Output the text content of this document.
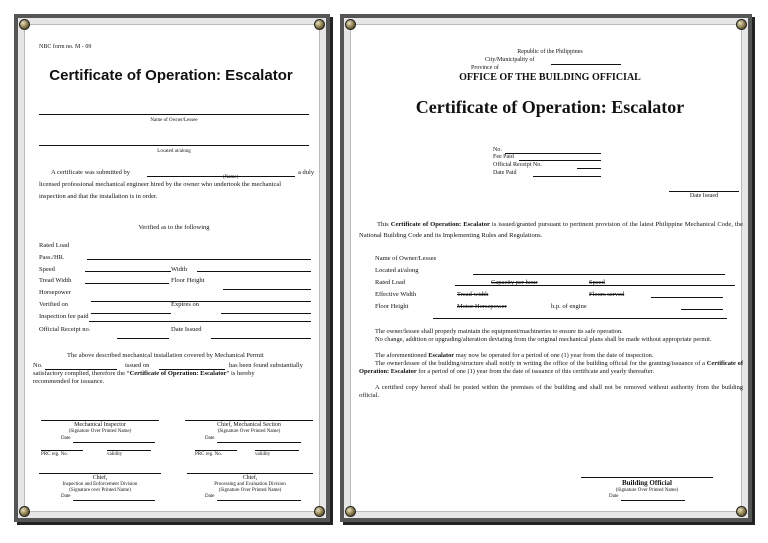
NBC form no. M - 09
Certificate of Operation: Escalator
Name of Owner/Lessee
Located at/along
A certificate was submitted by
(Name)
a duly
licensed professional mechanical engineer hired by the owner who undertook the mechanical
inspection and that the installation is in order.
Verified as to the following
Rated Load
Pass./HR.
Speed	Width
Tread Width	Floor Height
Horsepower
Verified on	Expires on
Inspection fee paid
Official Receipt no.	Date Issued
The above described mechanical installation covered by Mechanical Permit
No.	issued on	has been found substantially
satisfactory complied, therefore the “Certificate of Operation: Escalator” is hereby
recommended for issuance.
Mechanical Inspector
(Signature Over Printed Name)
Date
PRC reg. No.	validity
Chief, Mechanical Section
(Signature Over Printed Name)
Date
PRC reg. No.	validity
Chief,
Inspection and Enforcement Division
(Signature over Printed Name)
Date
Chief,
Processing and Evaluation Division
(Signature Over Printed Name)
Date
Republic of the Philippines
City/Municipality of
Province of
OFFICE OF THE BUILDING OFFICIAL
Certificate of Operation: Escalator
No.
Fee Paid
Official Receipt No.
Date Paid
Date Issued
This Certificate of Operation: Escalator is issued/granted pursuant to pertinent provision of the latest Philippine Mechanical Code, the National Building Code and its Implementing Rules and Regulations.
Name of Owner/Lessee
Located at/along
Rated Load	Capacity per hour	Speed
Effective Width	Tread width	Floors served
Floor Height	Motor Horsepower	h.p. of engine
The owner/lessee shall properly maintain the equipment/machineries to ensure its safe operation.
No change, addition or upgrading/alteration deviating from the original mechanical plans shall be made without appropriate permit.
The aforementioned Escalator may now be operated for a period of one (1) year from the date of inspection.
The owner/lessee of the building/structure shall notify in writing the office of the building official for the granting/issuance of a Certificate of Operation: Escalator for a period of one (1) year from the date of issuance of this certificate and yearly thereafter.
A certified copy hereof shall be posted within the premises of the building and shall not be removed without authority from the building official.
Building Official
(Signature Over Printed Name)
Date
